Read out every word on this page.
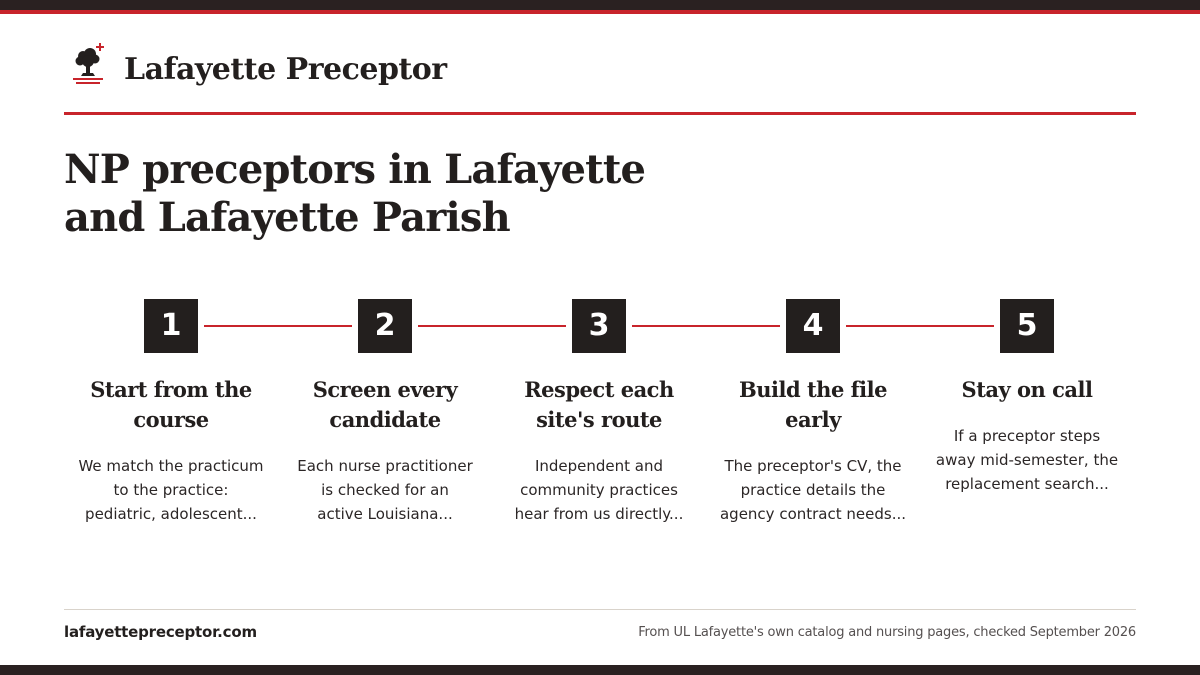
Lafayette Preceptor
NP preceptors in Lafayette
and Lafayette Parish
1
Start from the
course
We match the practicum
to the practice:
pediatric, adolescent...
2
Screen every
candidate
Each nurse practitioner
is checked for an
active Louisiana...
3
Respect each
site's route
Independent and
community practices
hear from us directly...
4
Build the file
early
The preceptor's CV, the
practice details the
agency contract needs...
5
Stay on call
If a preceptor steps
away mid-semester, the
replacement search...
lafayettepreceptor.com	From UL Lafayette's own catalog and nursing pages, checked September 2026
